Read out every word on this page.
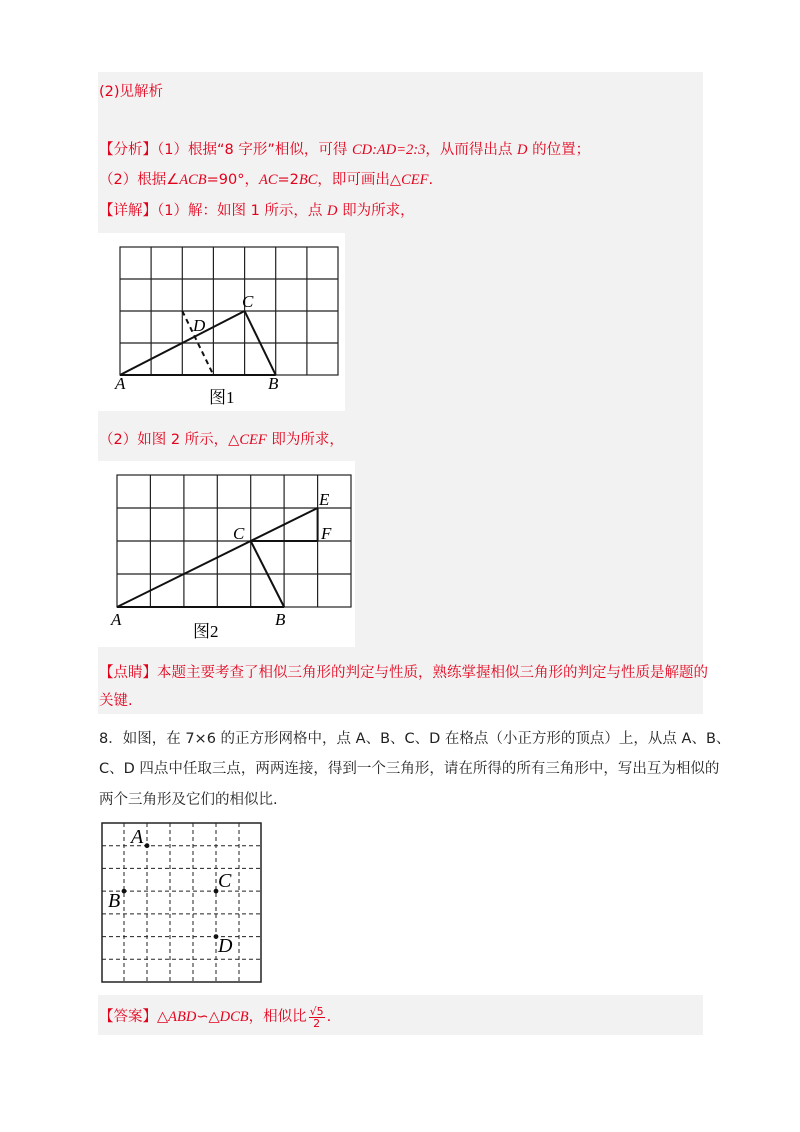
(2)见解析
【分析】（1）根据“8 字形”相似，可得 CD:AD=2:3，从而得出点 D 的位置；
（2）根据∠ACB=90°，AC=2BC，即可画出△CEF.
【详解】（1）解：如图 1 所示，点 D 即为所求，
A	B
C
D
图1
（2）如图 2 所示，△CEF 即为所求，
A	B
C
E
F
图2
【点睛】本题主要考查了相似三角形的判定与性质，熟练掌握相似三角形的判定与性质是解题的
关键.
8．如图，在 7×6 的正方形网格中，点 A、B、C、D 在格点（小正方形的顶点）上，从点 A、B、
C、D 四点中任取三点，两两连接，得到一个三角形，请在所得的所有三角形中，写出互为相似的
两个三角形及它们的相似比.
A
B
C
D
【答案】△ABD∽△DCB，相似比 $\frac{√5}{2}$ .
